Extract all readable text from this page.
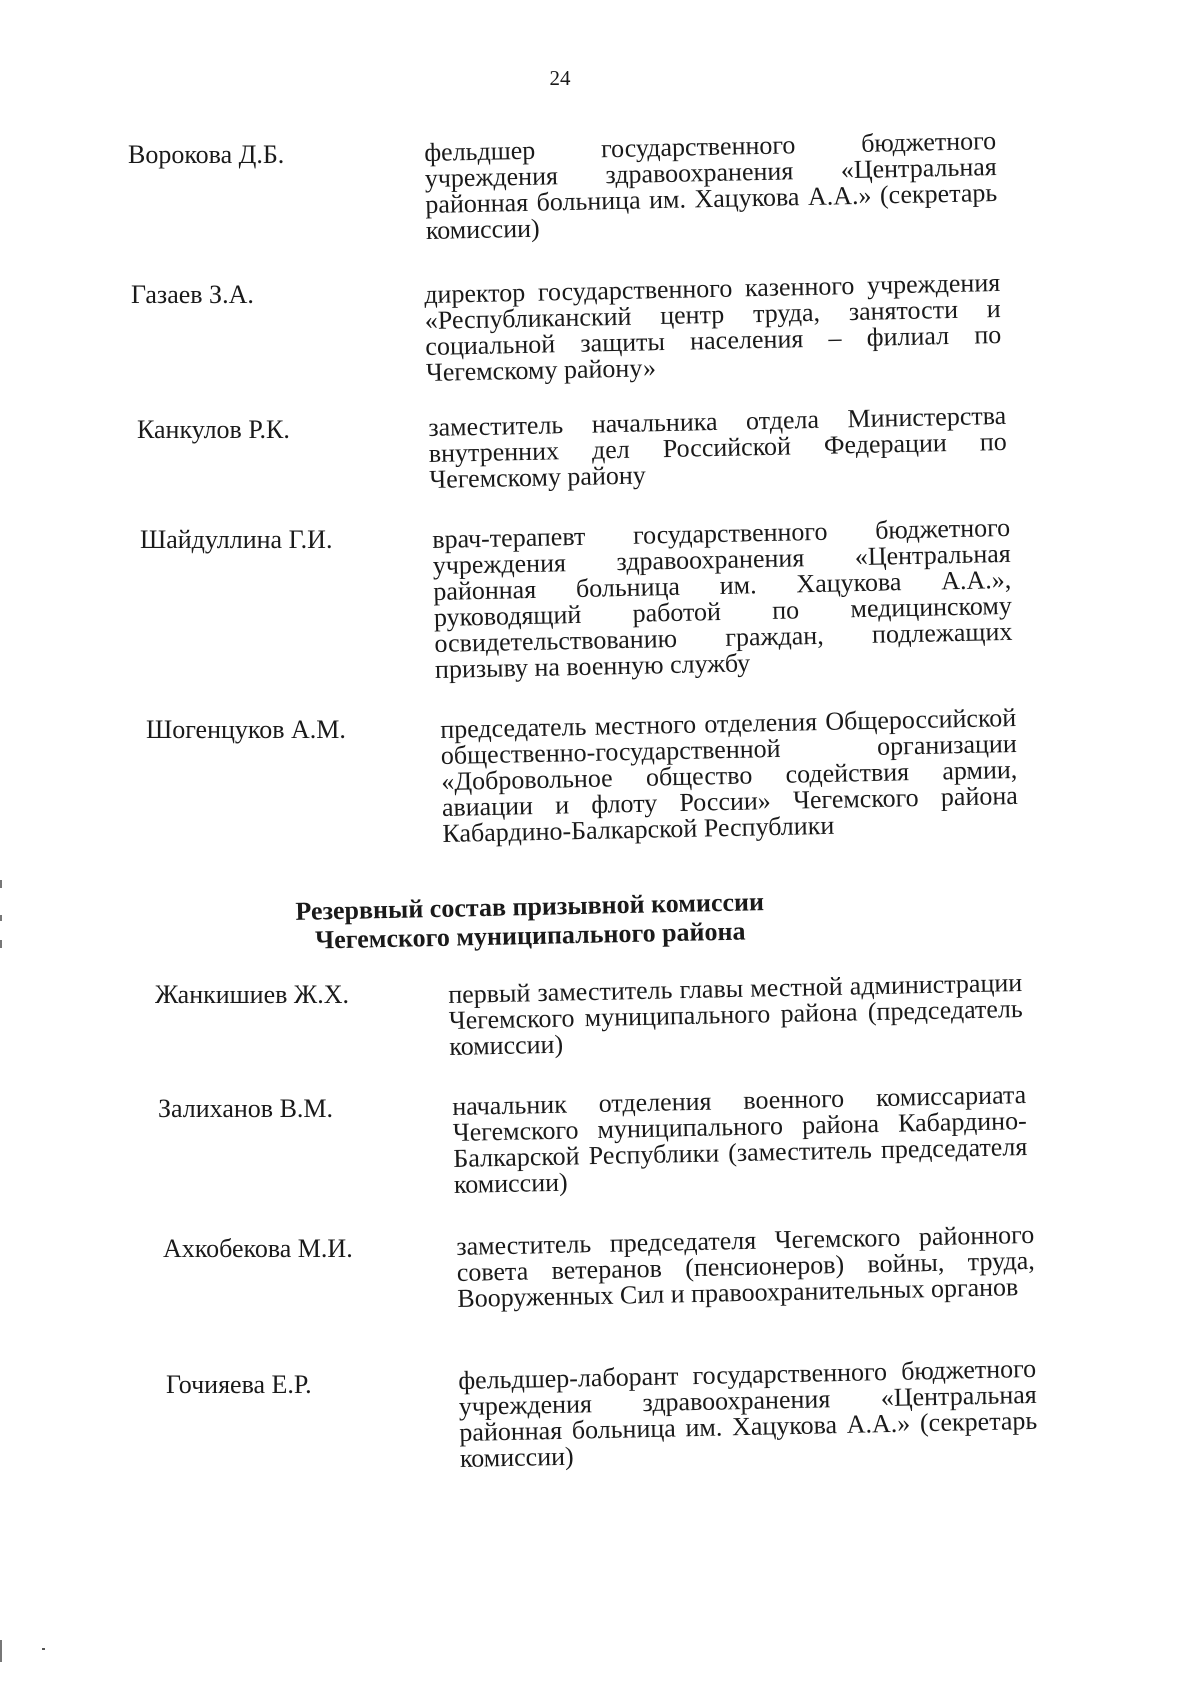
24
Ворокова Д.Б.	фельдшер государственного бюджетного учреждения здравоохранения «Центральная районная больница им. Хацукова А.А.» (секретарь комиссии)
Газаев З.А.	директор государственного казенного учреждения «Республиканский центр труда, занятости и социальной защиты населения – филиал по Чегемскому району»
Канкулов Р.К.	заместитель начальника отдела Министерства внутренних дел Российской Федерации по Чегемскому району
Шайдуллина Г.И.	врач-терапевт государственного бюджетного учреждения здравоохранения «Центральная районная больница им. Хацукова А.А.», руководящий работой по медицинскому освидетельствованию граждан, подлежащих призыву на военную службу
Шогенцуков А.М.	председатель местного отделения Общероссийской общественно-государственной организации «Добровольное общество содействия армии, авиации и флоту России» Чегемского района Кабардино-Балкарской Республики
Резервный состав призывной комиссии
Чегемского муниципального района
Жанкишиев Ж.Х.	первый заместитель главы местной администрации Чегемского муниципального района (председатель комиссии)
Залиханов В.М.	начальник отделения военного комиссариата Чегемского муниципального района Кабардино-Балкарской Республики (заместитель председателя комиссии)
Ахкобекова М.И.	заместитель председателя Чегемского районного совета ветеранов (пенсионеров) войны, труда, Вооруженных Сил и правоохранительных органов
Гочияева Е.Р.	фельдшер-лаборант государственного бюджетного учреждения здравоохранения «Центральная районная больница им. Хацукова А.А.» (секретарь комиссии)
